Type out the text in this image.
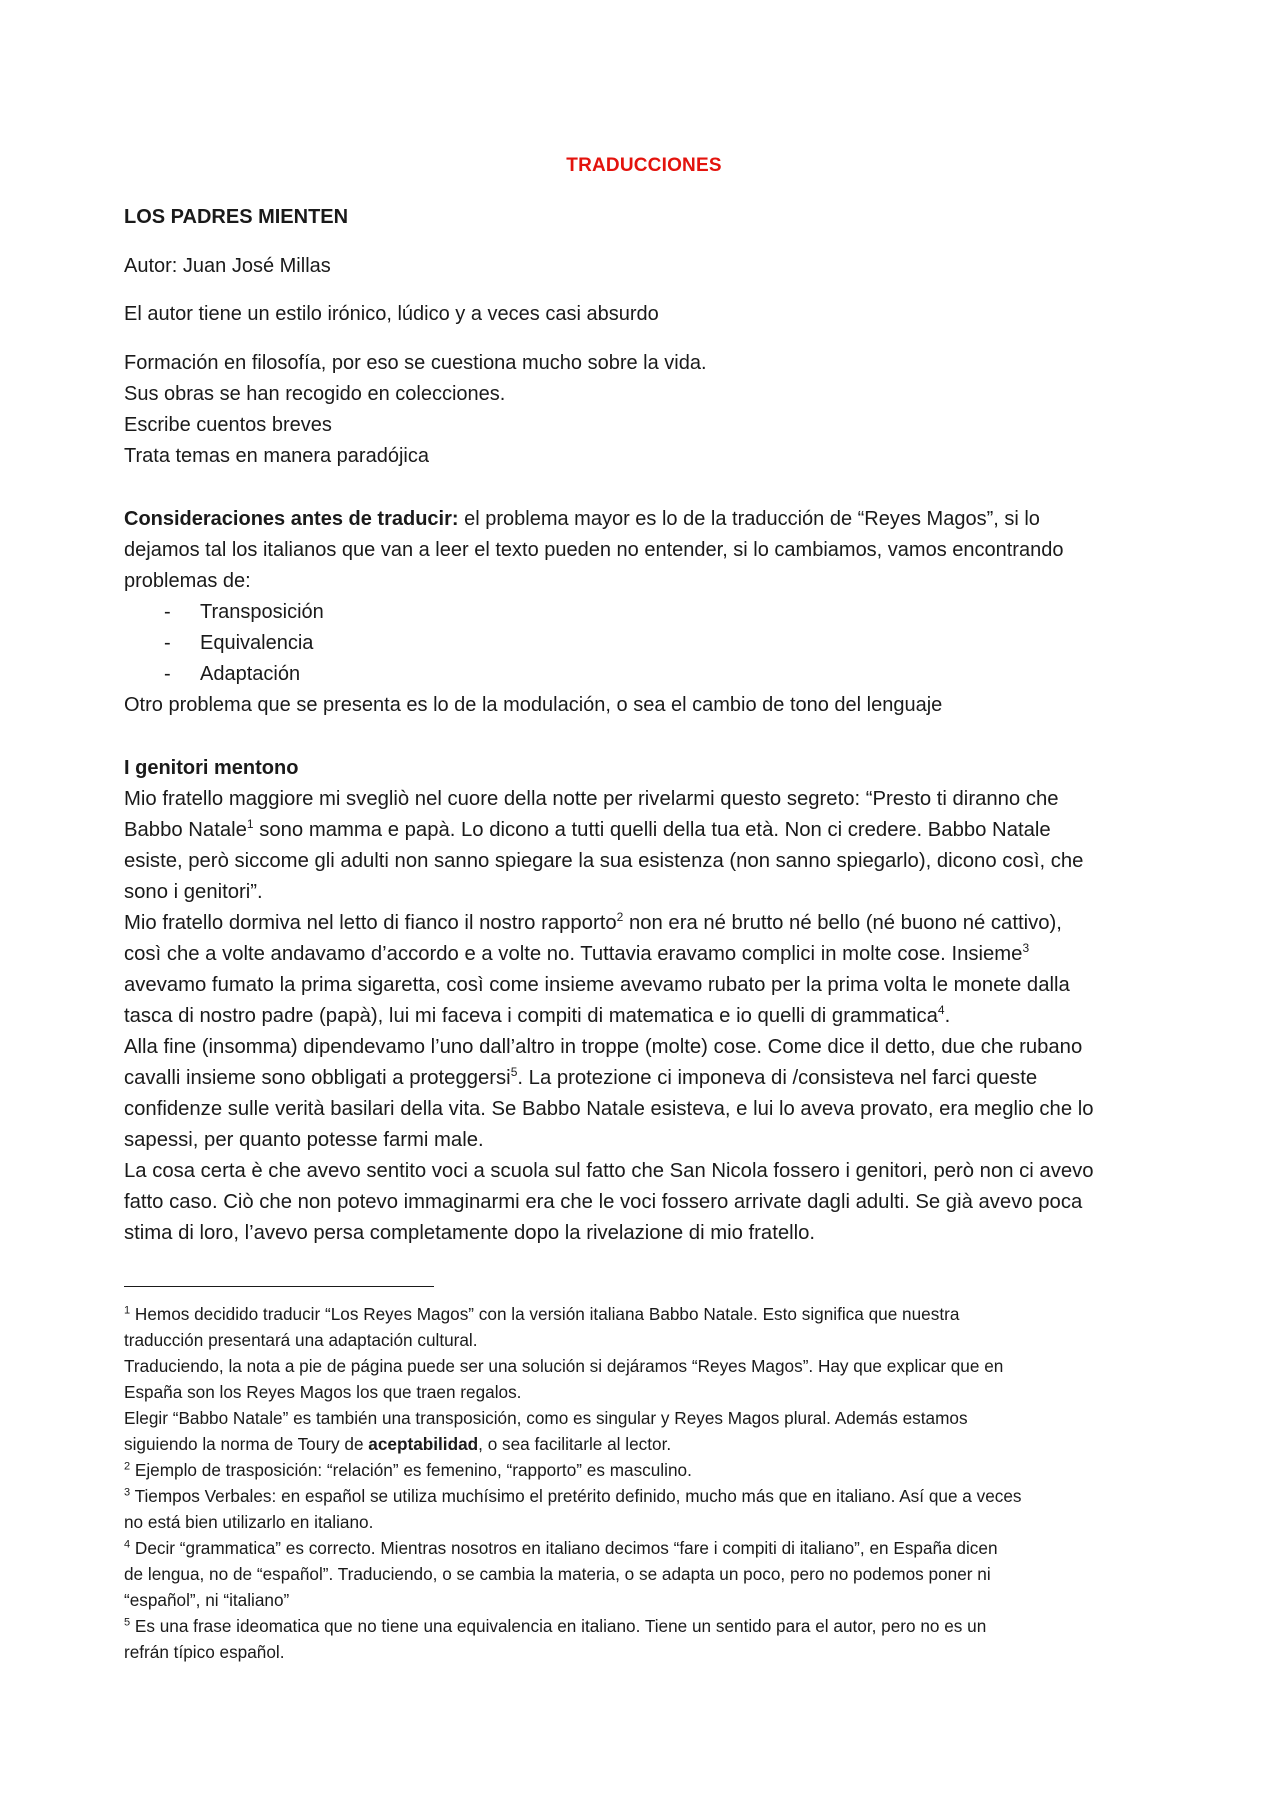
TRADUCCIONES
LOS PADRES MIENTEN
Autor: Juan José Millas
El autor tiene un estilo irónico, lúdico y a veces casi absurdo
Formación en filosofía, por eso se cuestiona mucho sobre la vida.
Sus obras se han recogido en colecciones.
Escribe cuentos breves
Trata temas en manera paradójica
Consideraciones antes de traducir: el problema mayor es lo de la traducción de “Reyes Magos”, si lo
dejamos tal los italianos que van a leer el texto pueden no entender, si lo cambiamos, vamos encontrando
problemas de:
- Transposición
- Equivalencia
- Adaptación
Otro problema que se presenta es lo de la modulación, o sea el cambio de tono del lenguaje
I genitori mentono
Mio fratello maggiore mi svegliò nel cuore della notte per rivelarmi questo segreto: “Presto ti diranno che
Babbo Natale$^1$ sono mamma e papà. Lo dicono a tutti quelli della tua età. Non ci credere. Babbo Natale
esiste, però siccome gli adulti non sanno spiegare la sua esistenza (non sanno spiegarlo), dicono così, che
sono i genitori”.
Mio fratello dormiva nel letto di fianco il nostro rapporto$^2$ non era né brutto né bello (né buono né cattivo),
così che a volte andavamo d’accordo e a volte no. Tuttavia eravamo complici in molte cose. Insieme$^3$
avevamo fumato la prima sigaretta, così come insieme avevamo rubato per la prima volta le monete dalla
tasca di nostro padre (papà), lui mi faceva i compiti di matematica e io quelli di grammatica$^4$.
Alla fine (insomma) dipendevamo l’uno dall’altro in troppe (molte) cose. Come dice il detto, due che rubano
cavalli insieme sono obbligati a proteggersi$^5$. La protezione ci imponeva di /consisteva nel farci queste
confidenze sulle verità basilari della vita. Se Babbo Natale esisteva, e lui lo aveva provato, era meglio che lo
sapessi, per quanto potesse farmi male.
La cosa certa è che avevo sentito voci a scuola sul fatto che San Nicola fossero i genitori, però non ci avevo
fatto caso. Ciò che non potevo immaginarmi era che le voci fossero arrivate dagli adulti. Se già avevo poca
stima di loro, l’avevo persa completamente dopo la rivelazione di mio fratello.
$^1$ Hemos decidido traducir “Los Reyes Magos” con la versión italiana Babbo Natale. Esto significa que nuestra
traducción presentará una adaptación cultural.
Traduciendo, la nota a pie de página puede ser una solución si dejáramos “Reyes Magos”. Hay que explicar que en
España son los Reyes Magos los que traen regalos.
Elegir “Babbo Natale” es también una transposición, como es singular y Reyes Magos plural. Además estamos
siguiendo la norma de Toury de aceptabilidad, o sea facilitarle al lector.
$^2$ Ejemplo de trasposición: “relación” es femenino, “rapporto” es masculino.
$^3$ Tiempos Verbales: en español se utiliza muchísimo el pretérito definido, mucho más que en italiano. Así que a veces
no está bien utilizarlo en italiano.
$^4$ Decir “grammatica” es correcto. Mientras nosotros en italiano decimos “fare i compiti di italiano”, en España dicen
de lengua, no de “español”. Traduciendo, o se cambia la materia, o se adapta un poco, pero no podemos poner ni
“español”, ni “italiano”
$^5$ Es una frase ideomatica que no tiene una equivalencia en italiano. Tiene un sentido para el autor, pero no es un
refrán típico español.
